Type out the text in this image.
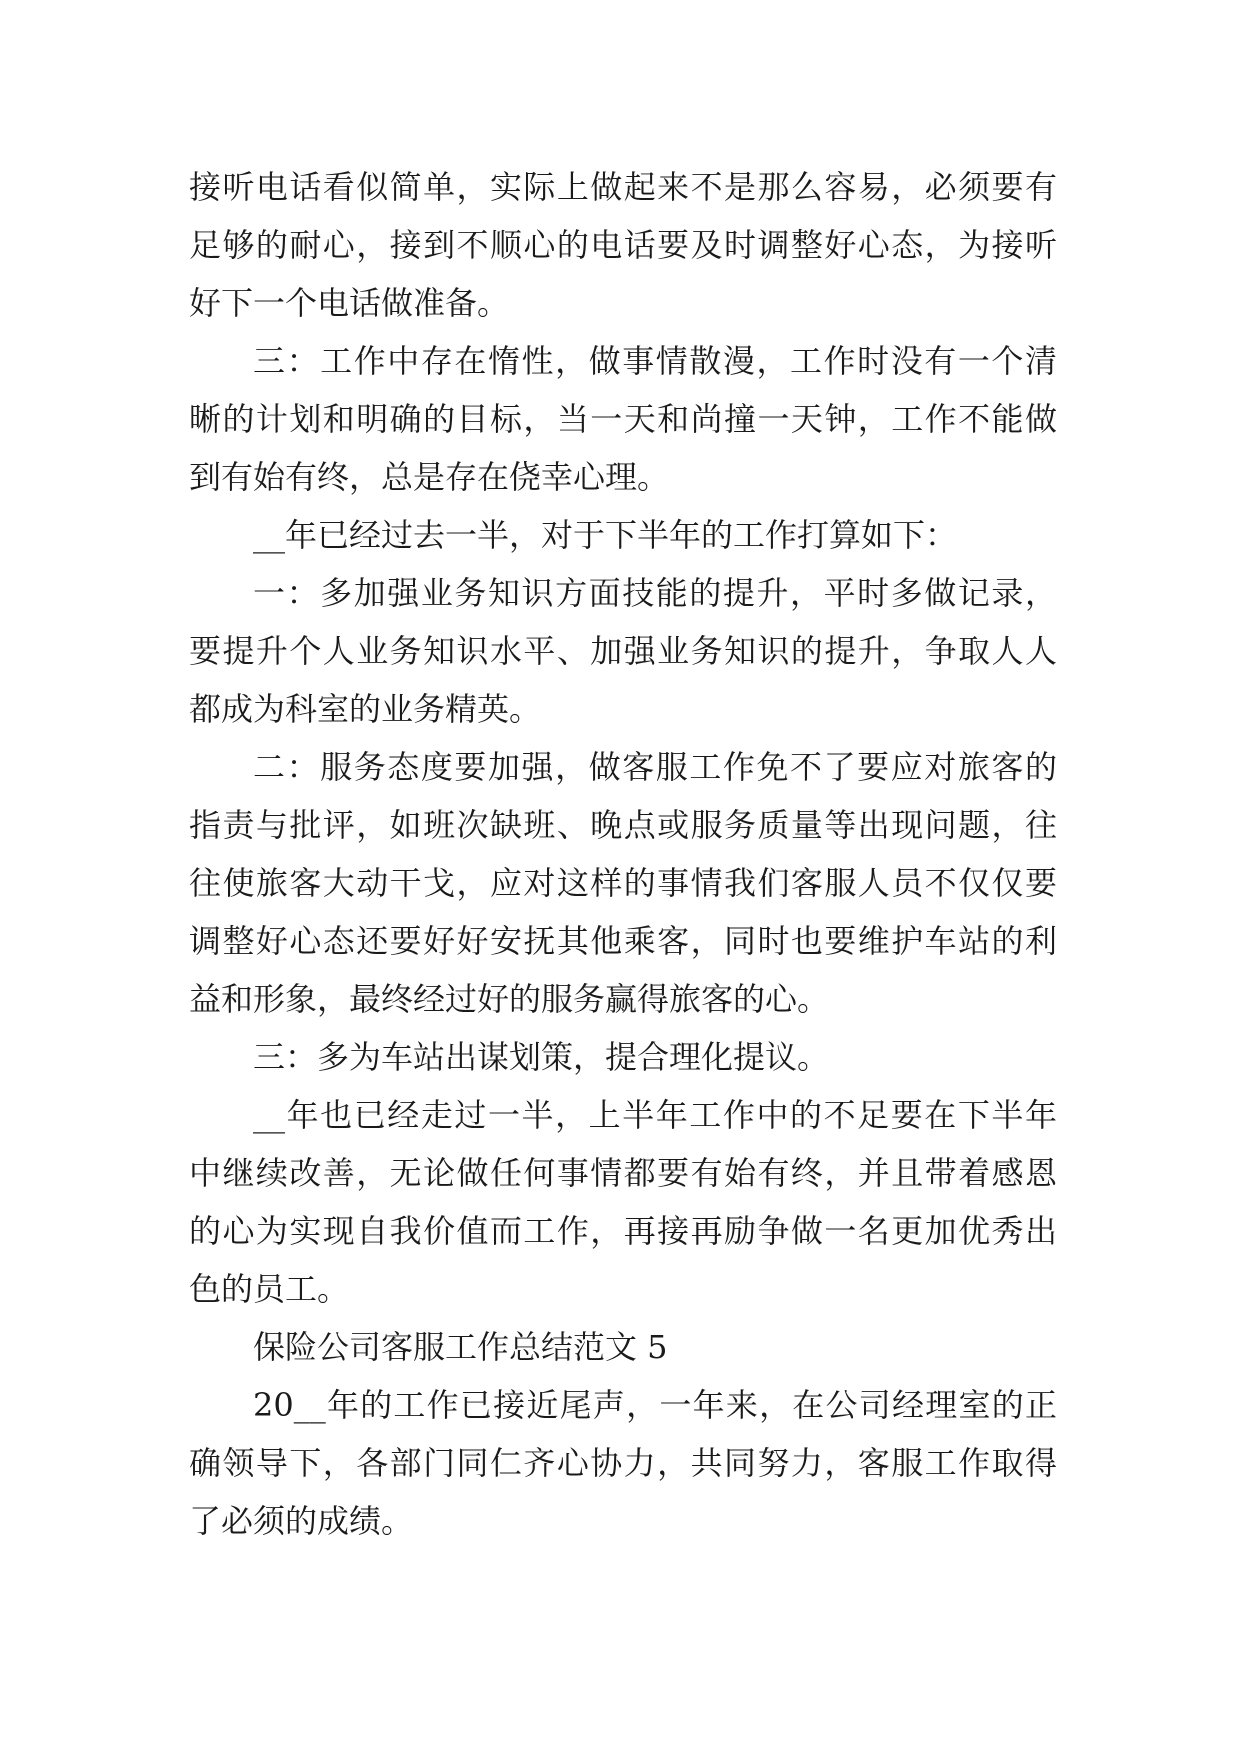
接听电话看似简单，实际上做起来不是那么容易，必须要有
足够的耐心，接到不顺心的电话要及时调整好心态，为接听
好下一个电话做准备。
三：工作中存在惰性，做事情散漫，工作时没有一个清
晰的计划和明确的目标，当一天和尚撞一天钟，工作不能做
到有始有终，总是存在侥幸心理。
__年已经过去一半，对于下半年的工作打算如下：
一：多加强业务知识方面技能的提升，平时多做记录，
要提升个人业务知识水平、加强业务知识的提升，争取人人
都成为科室的业务精英。
二：服务态度要加强，做客服工作免不了要应对旅客的
指责与批评，如班次缺班、晚点或服务质量等出现问题，往
往使旅客大动干戈，应对这样的事情我们客服人员不仅仅要
调整好心态还要好好安抚其他乘客，同时也要维护车站的利
益和形象，最终经过好的服务赢得旅客的心。
三：多为车站出谋划策，提合理化提议。
__年也已经走过一半，上半年工作中的不足要在下半年
中继续改善，无论做任何事情都要有始有终，并且带着感恩
的心为实现自我价值而工作，再接再励争做一名更加优秀出
色的员工。
保险公司客服工作总结范文 5
20__年的工作已接近尾声，一年来，在公司经理室的正
确领导下，各部门同仁齐心协力，共同努力，客服工作取得
了必须的成绩。
